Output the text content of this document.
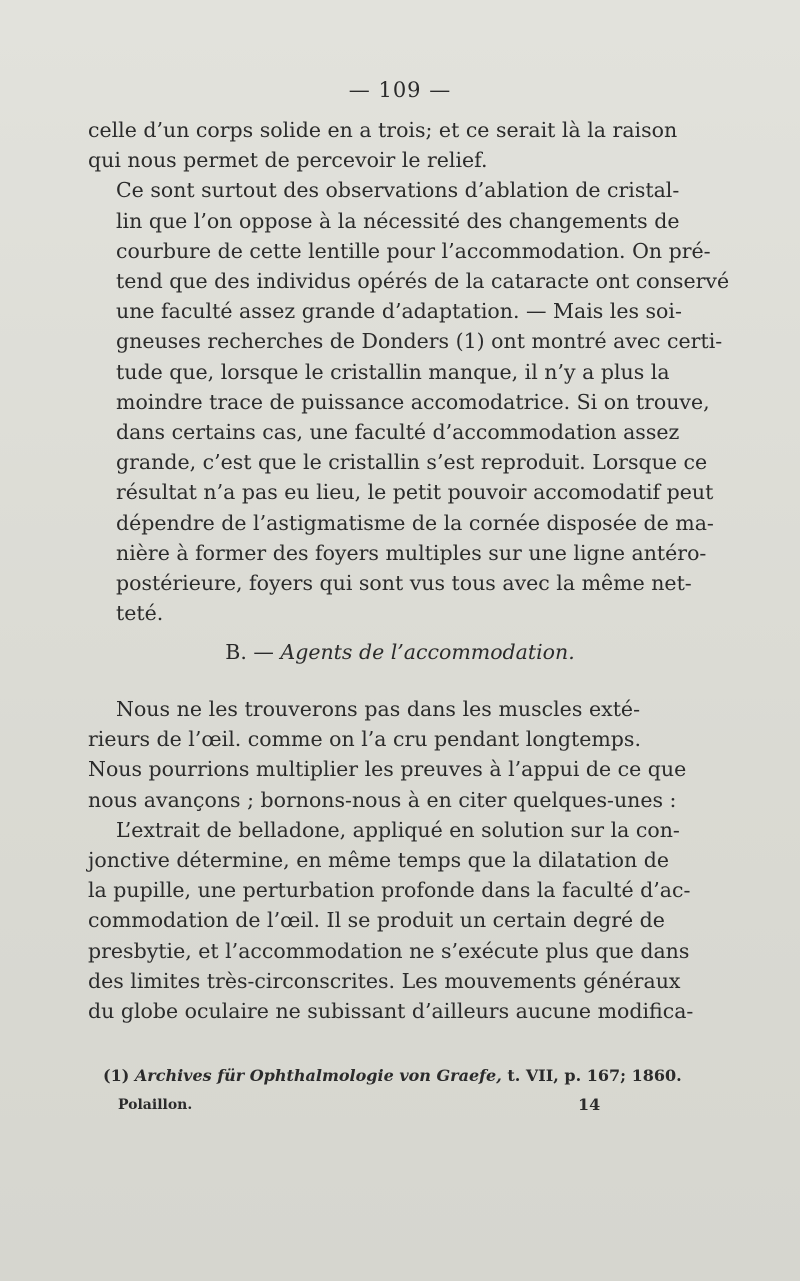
— 109 —

celle d’un corps solide en a trois; et ce serait là la raison
qui nous permet de percevoir le relief.

Ce sont surtout des observations d’ablation de cristal-
lin que l’on oppose à la nécessité des changements de
courbure de cette lentille pour l’accommodation. On pré-
tend que des individus opérés de la cataracte ont conservé
une faculté assez grande d’adaptation. — Mais les soi-
gneuses recherches de Donders (1) ont montré avec certi-
tude que, lorsque le cristallin manque, il n’y a plus la
moindre trace de puissance accomodatrice. Si on trouve,
dans certains cas, une faculté d’accommodation assez
grande, c’est que le cristallin s’est reproduit. Lorsque ce
résultat n’a pas eu lieu, le petit pouvoir accomodatif peut
dépendre de l’astigmatisme de la cornée disposée de ma-
nière à former des foyers multiples sur une ligne antéro-
postérieure, foyers qui sont vus tous avec la même net-
teté.

B. — Agents de l’accommodation.

Nous ne les trouverons pas dans les muscles exté-
rieurs de l’œil. comme on l’a cru pendant longtemps.
Nous pourrions multiplier les preuves à l’appui de ce que
nous avançons ; bornons-nous à en citer quelques-unes :

L’extrait de belladone, appliqué en solution sur la con-
jonctive détermine, en même temps que la dilatation de
la pupille, une perturbation profonde dans la faculté d’ac-
commodation de l’œil. Il se produit un certain degré de
presbytie, et l’accommodation ne s’exécute plus que dans
des limites très-circonscrites. Les mouvements généraux
du globe oculaire ne subissant d’ailleurs aucune modifica-

(1) Archives für Ophthalmologie von Graefe, t. VII, p. 167; 1860.
Polaillon.	14
